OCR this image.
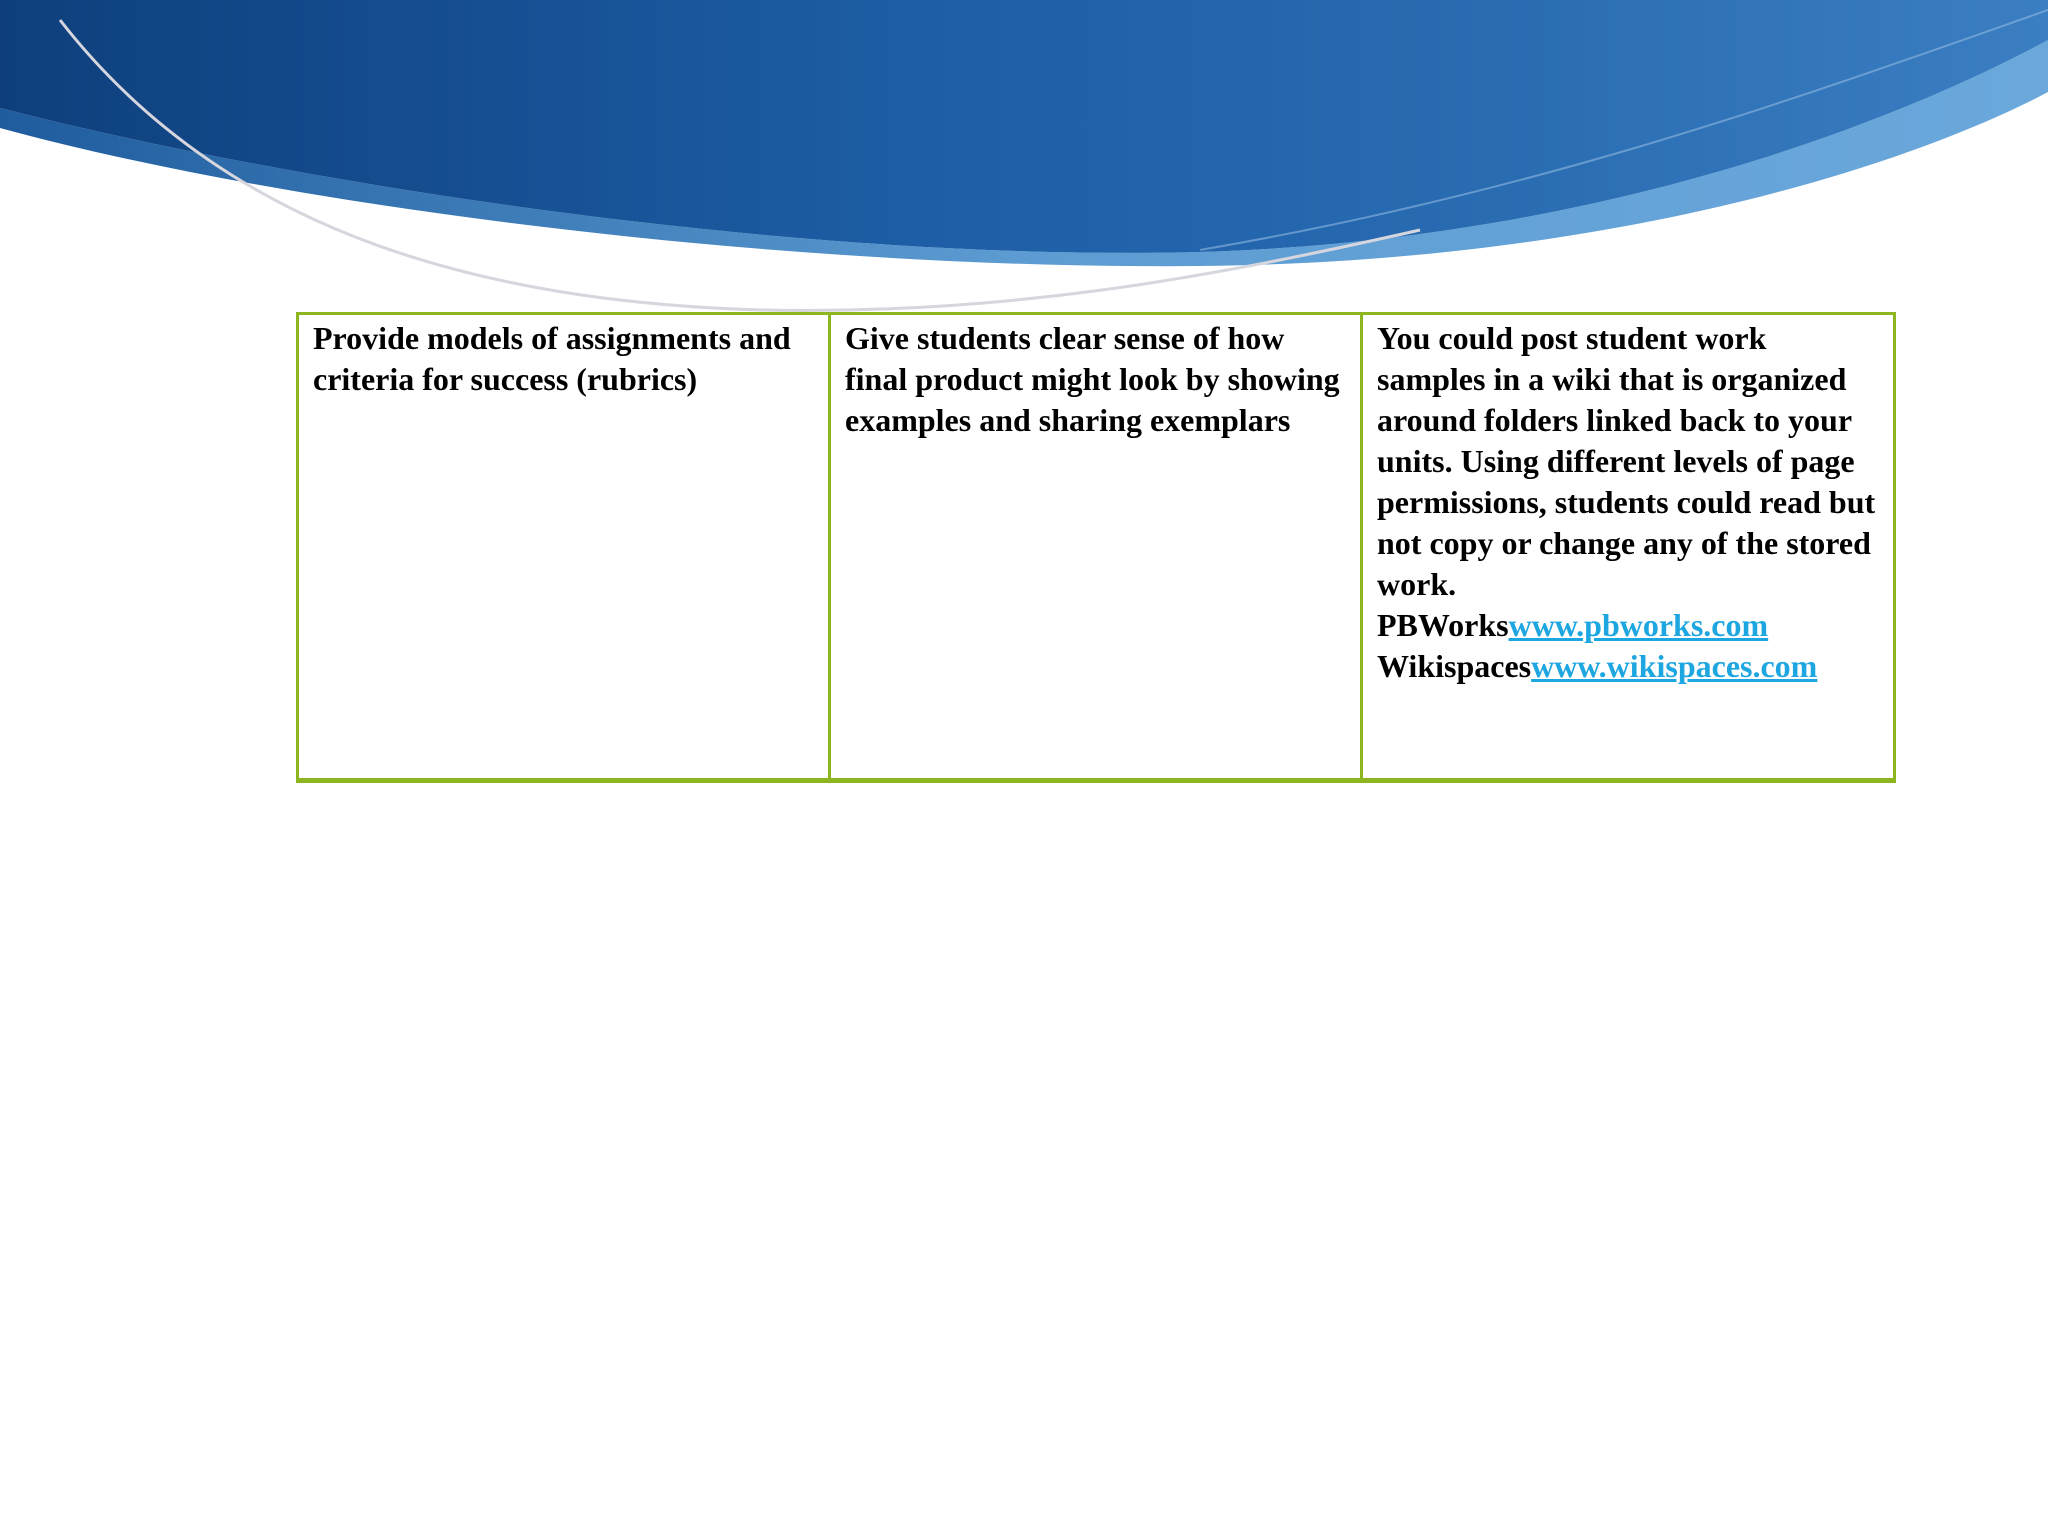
Provide models of assignments and criteria for success (rubrics)	Give students clear sense of how final product might look by showing examples and sharing exemplars	You could post student work samples in a wiki that is organized around folders linked back to your units. Using different levels of page permissions, students could read but not copy or change any of the stored work.
PBWorkswww.pbworks.com
Wikispaceswww.wikispaces.com
